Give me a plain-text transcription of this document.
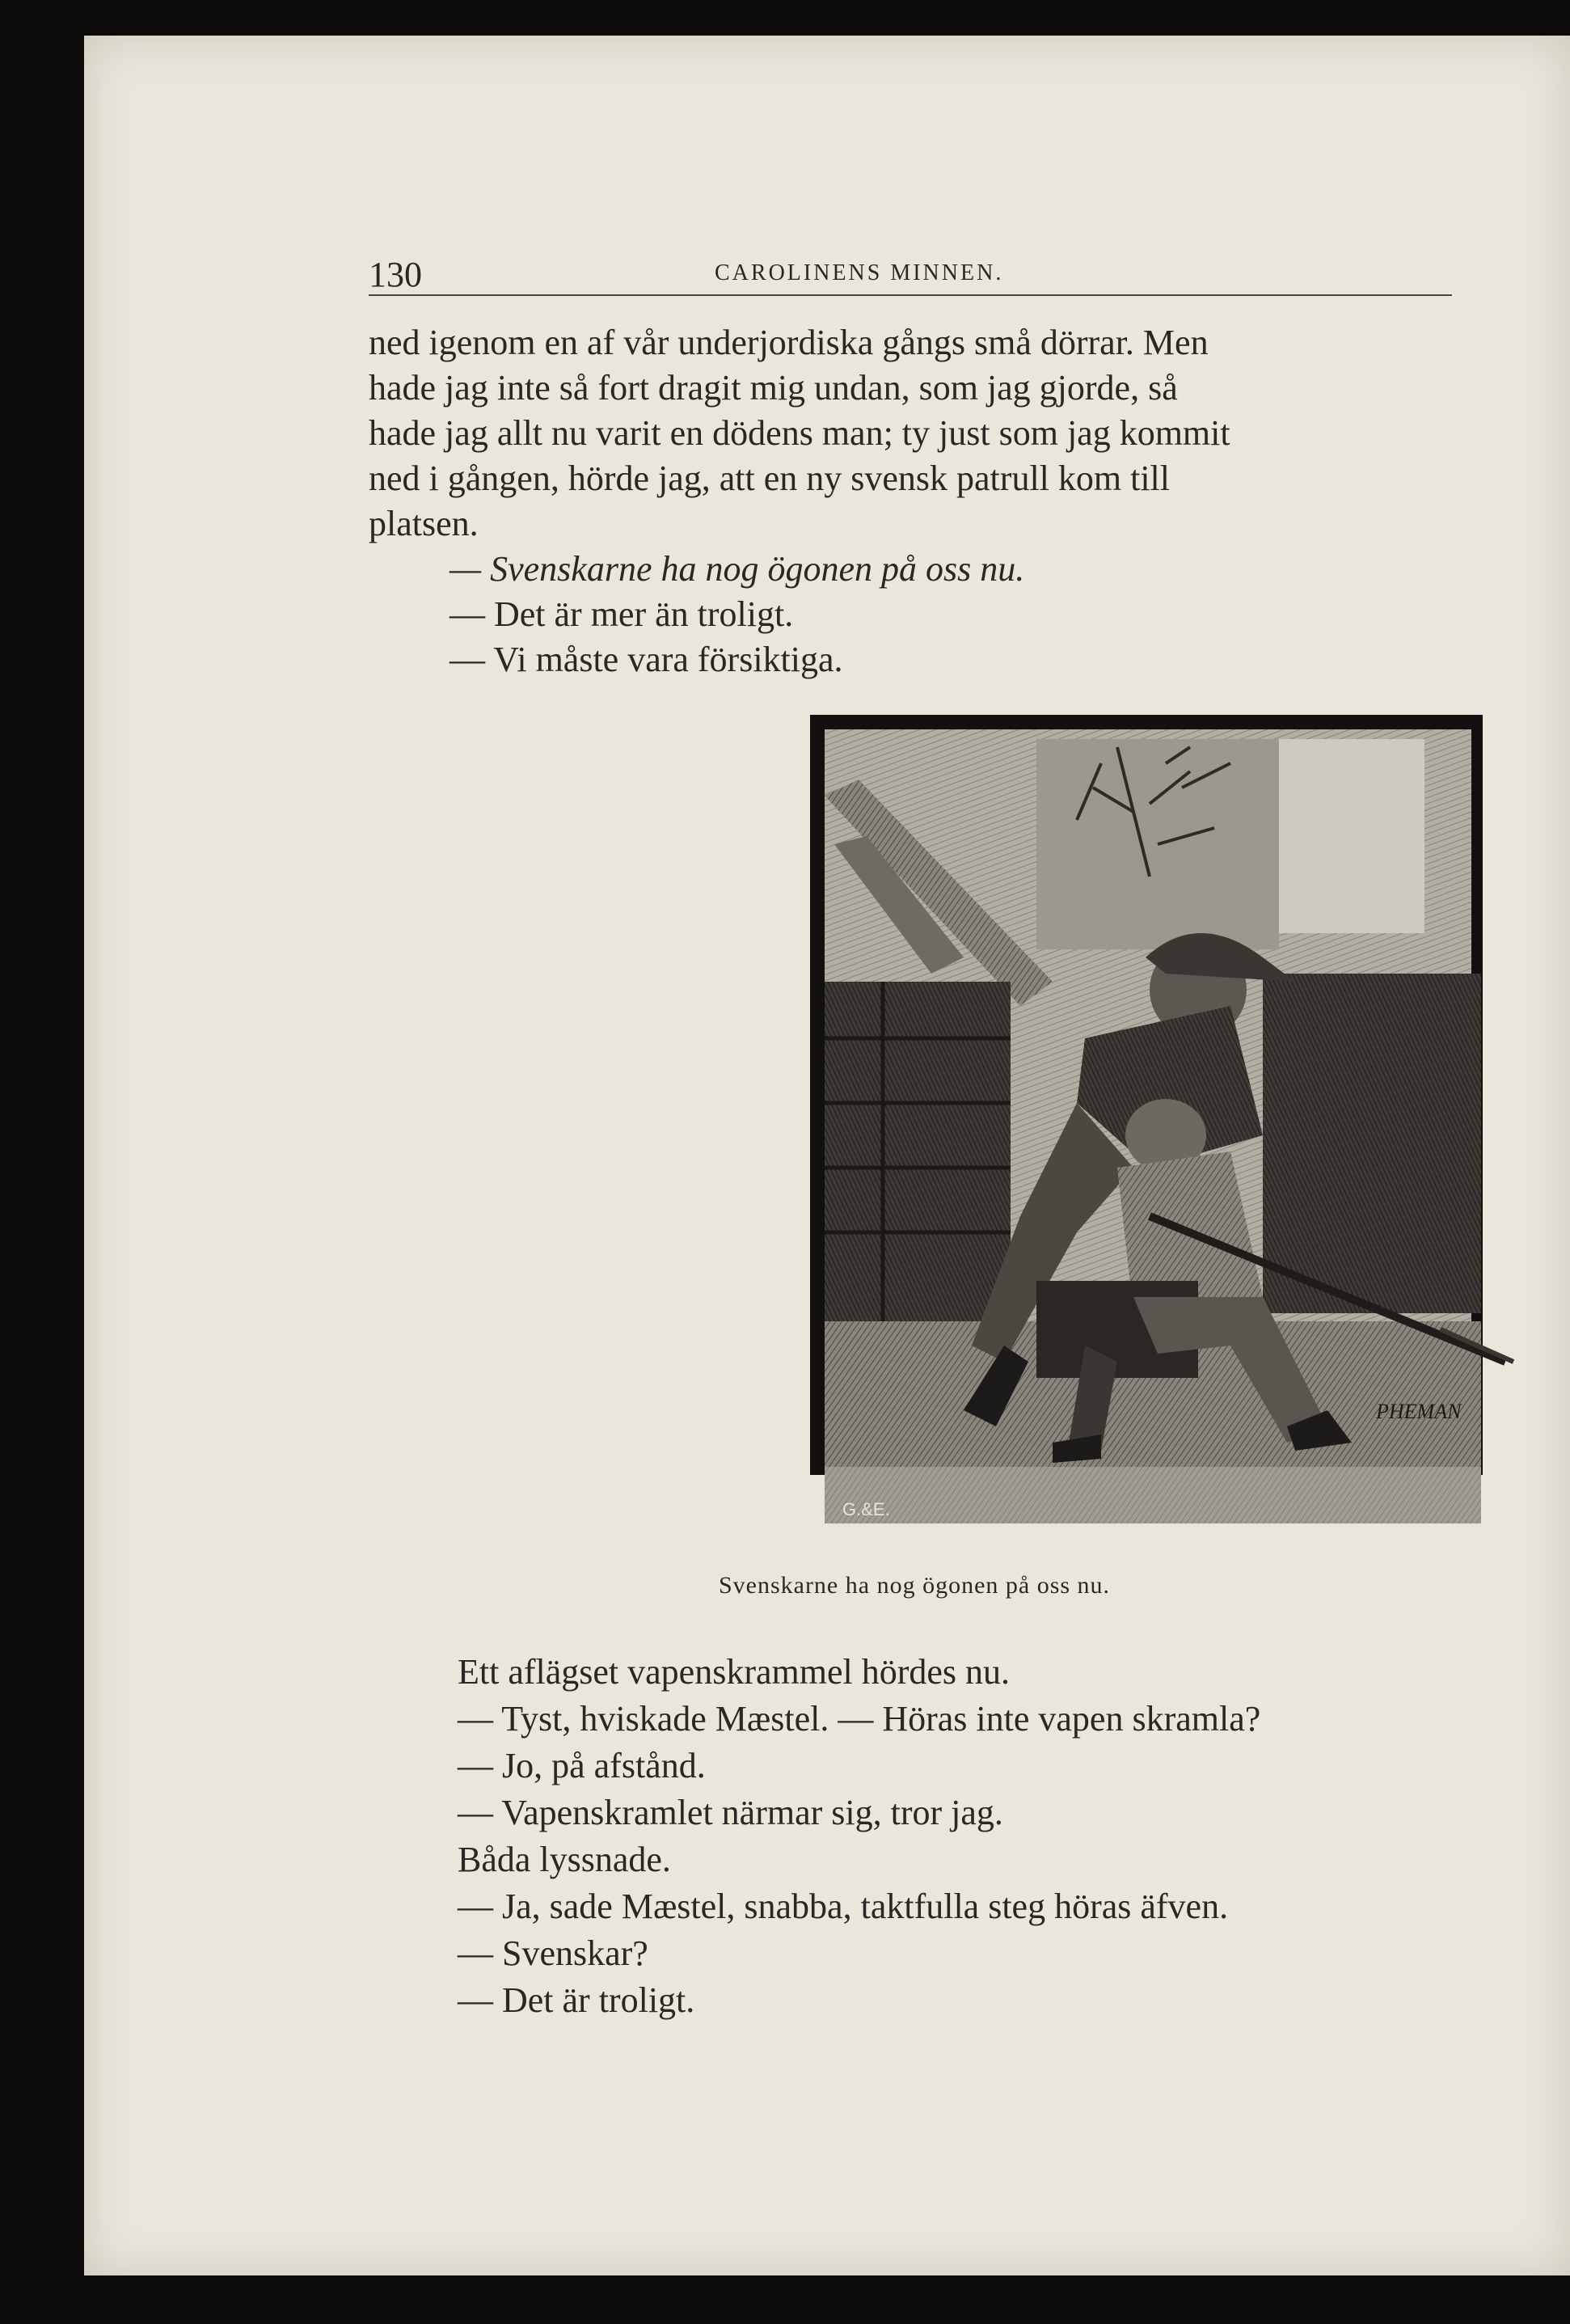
130	CAROLINENS MINNEN.
ned igenom en af vår underjordiska gångs små dörrar. Men
hade jag inte så fort dragit mig undan, som jag gjorde, så
hade jag allt nu varit en dödens man; ty just som jag kommit
ned i gången, hörde jag, att en ny svensk patrull kom till
platsen.
— Svenskarne ha nog ögonen på oss nu.
— Det är mer än troligt.
— Vi måste vara försiktiga.
G.&E.
PHEMAN
Svenskarne ha nog ögonen på oss nu.
Ett aflägset vapenskrammel hördes nu.
— Tyst, hviskade Mæstel. — Höras inte vapen skramla?
— Jo, på afstånd.
— Vapenskramlet närmar sig, tror jag.
Båda lyssnade.
— Ja, sade Mæstel, snabba, taktfulla steg höras äfven.
— Svenskar?
— Det är troligt.
